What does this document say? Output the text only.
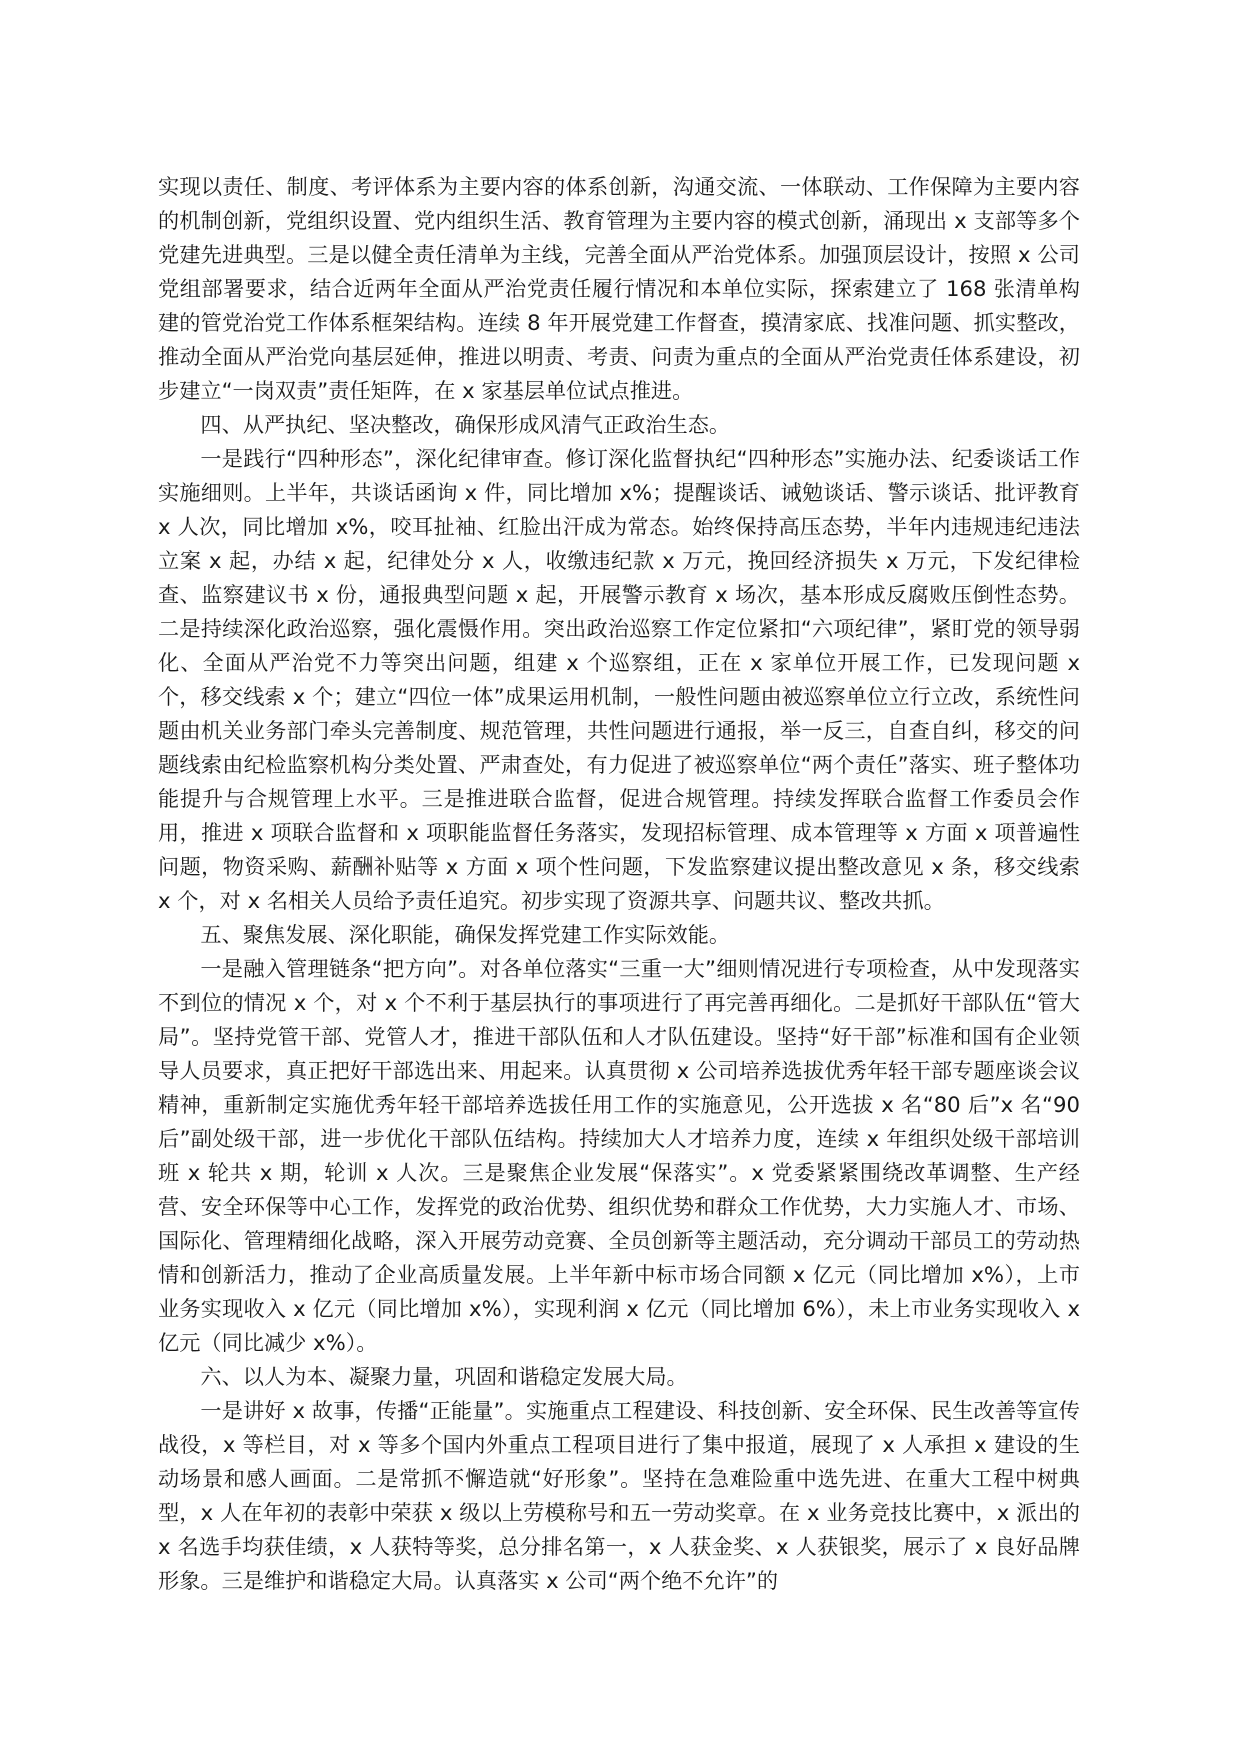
实现以责任、制度、考评体系为主要内容的体系创新，沟通交流、一体联动、工作保障为主要内容的机制创新，党组织设置、党内组织生活、教育管理为主要内容的模式创新，涌现出 x 支部等多个党建先进典型。三是以健全责任清单为主线，完善全面从严治党体系。加强顶层设计，按照 x 公司党组部署要求，结合近两年全面从严治党责任履行情况和本单位实际，探索建立了 168 张清单构建的管党治党工作体系框架结构。连续 8 年开展党建工作督查，摸清家底、找准问题、抓实整改，推动全面从严治党向基层延伸，推进以明责、考责、问责为重点的全面从严治党责任体系建设，初步建立“一岗双责”责任矩阵，在 x 家基层单位试点推进。

四、从严执纪、坚决整改，确保形成风清气正政治生态。

一是践行“四种形态”，深化纪律审查。修订深化监督执纪“四种形态”实施办法、纪委谈话工作实施细则。上半年，共谈话函询 x 件，同比增加 x%；提醒谈话、诫勉谈话、警示谈话、批评教育 x 人次，同比增加 x%，咬耳扯袖、红脸出汗成为常态。始终保持高压态势，半年内违规违纪违法立案 x 起，办结 x 起，纪律处分 x 人，收缴违纪款 x 万元，挽回经济损失 x 万元，下发纪律检查、监察建议书 x 份，通报典型问题 x 起，开展警示教育 x 场次，基本形成反腐败压倒性态势。二是持续深化政治巡察，强化震慑作用。突出政治巡察工作定位紧扣“六项纪律”，紧盯党的领导弱化、全面从严治党不力等突出问题，组建 x 个巡察组，正在 x 家单位开展工作，已发现问题 x 个，移交线索 x 个；建立“四位一体”成果运用机制，一般性问题由被巡察单位立行立改，系统性问题由机关业务部门牵头完善制度、规范管理，共性问题进行通报，举一反三，自查自纠，移交的问题线索由纪检监察机构分类处置、严肃查处，有力促进了被巡察单位“两个责任”落实、班子整体功能提升与合规管理上水平。三是推进联合监督，促进合规管理。持续发挥联合监督工作委员会作用，推进 x 项联合监督和 x 项职能监督任务落实，发现招标管理、成本管理等 x 方面 x 项普遍性问题，物资采购、薪酬补贴等 x 方面 x 项个性问题，下发监察建议提出整改意见 x 条，移交线索 x 个，对 x 名相关人员给予责任追究。初步实现了资源共享、问题共议、整改共抓。

五、聚焦发展、深化职能，确保发挥党建工作实际效能。

一是融入管理链条“把方向”。对各单位落实“三重一大”细则情况进行专项检查，从中发现落实不到位的情况 x 个，对 x 个不利于基层执行的事项进行了再完善再细化。二是抓好干部队伍“管大局”。坚持党管干部、党管人才，推进干部队伍和人才队伍建设。坚持“好干部”标准和国有企业领导人员要求，真正把好干部选出来、用起来。认真贯彻 x 公司培养选拔优秀年轻干部专题座谈会议精神，重新制定实施优秀年轻干部培养选拔任用工作的实施意见，公开选拔 x 名“80 后”x 名“90 后”副处级干部，进一步优化干部队伍结构。持续加大人才培养力度，连续 x 年组织处级干部培训班 x 轮共 x 期，轮训 x 人次。三是聚焦企业发展“保落实”。x 党委紧紧围绕改革调整、生产经营、安全环保等中心工作，发挥党的政治优势、组织优势和群众工作优势，大力实施人才、市场、国际化、管理精细化战略，深入开展劳动竞赛、全员创新等主题活动，充分调动干部员工的劳动热情和创新活力，推动了企业高质量发展。上半年新中标市场合同额 x 亿元（同比增加 x%），上市业务实现收入 x 亿元（同比增加 x%），实现利润 x 亿元（同比增加 6%），未上市业务实现收入 x 亿元（同比减少 x%）。

六、以人为本、凝聚力量，巩固和谐稳定发展大局。

一是讲好 x 故事，传播“正能量”。实施重点工程建设、科技创新、安全环保、民生改善等宣传战役，x 等栏目，对 x 等多个国内外重点工程项目进行了集中报道，展现了 x 人承担 x 建设的生动场景和感人画面。二是常抓不懈造就“好形象”。坚持在急难险重中选先进、在重大工程中树典型，x 人在年初的表彰中荣获 x 级以上劳模称号和五一劳动奖章。在 x 业务竞技比赛中，x 派出的 x 名选手均获佳绩，x 人获特等奖，总分排名第一，x 人获金奖、x 人获银奖，展示了 x 良好品牌形象。三是维护和谐稳定大局。认真落实 x 公司“两个绝不允许”的
